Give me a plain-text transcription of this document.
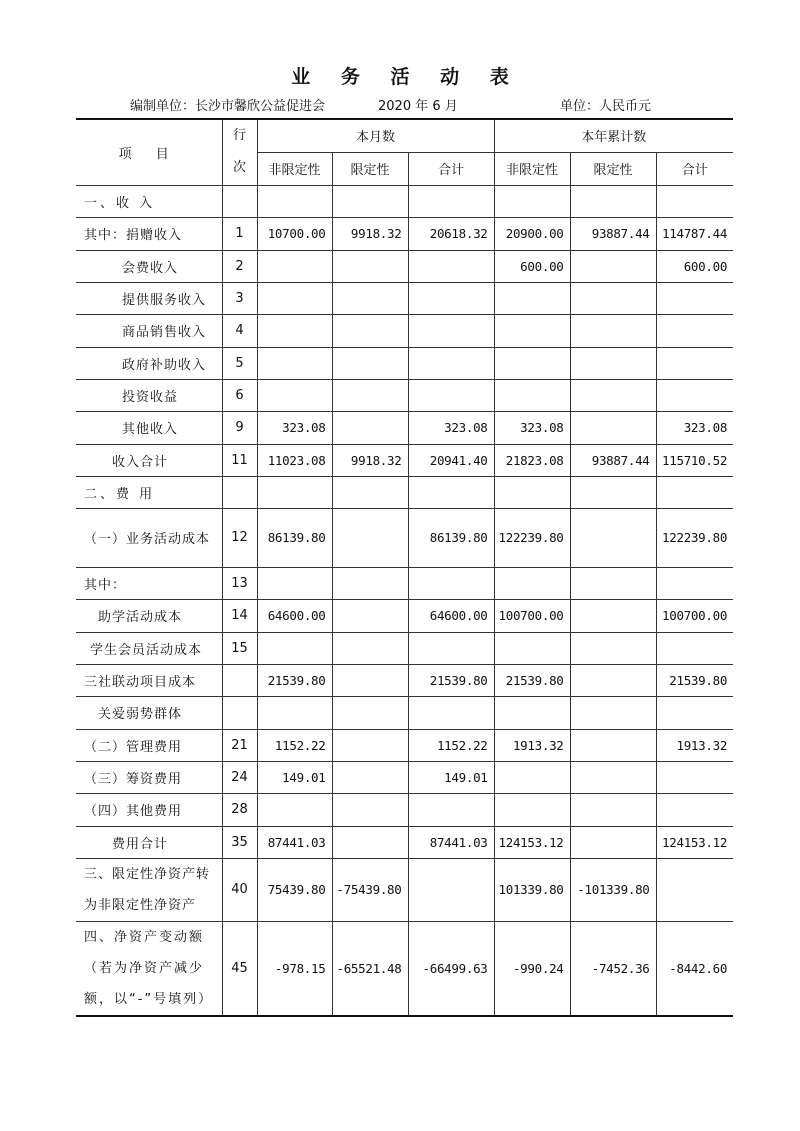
业 务 活 动 表
编制单位：长沙市馨欣公益促进会	2020 年 6 月	单位：人民币元
项 目	行次	本月数			本年累计数		
		非限定性	限定性	合计	非限定性	限定性	合计
一、收 入							
其中：捐赠收入	1	10700.00	9918.32	20618.32	20900.00	93887.44	114787.44
会费收入	2				600.00		600.00
提供服务收入	3						
商品销售收入	4						
政府补助收入	5						
投资收益	6						
其他收入	9	323.08		323.08	323.08		323.08
收入合计	11	11023.08	9918.32	20941.40	21823.08	93887.44	115710.52
二、费 用							
（一）业务活动成本	12	86139.80		86139.80	122239.80		122239.80
其中：	13						
助学活动成本	14	64600.00		64600.00	100700.00		100700.00
学生会员活动成本	15						
三社联动项目成本		21539.80		21539.80	21539.80		21539.80
关爱弱势群体							
（二）管理费用	21	1152.22		1152.22	1913.32		1913.32
（三）筹资费用	24	149.01		149.01			
（四）其他费用	28						
费用合计	35	87441.03		87441.03	124153.12		124153.12
三、限定性净资产转为非限定性净资产	40	75439.80	-75439.80		101339.80	-101339.80	
四、净资产变动额（若为净资产减少额，以“-”号填列）	45	-978.15	-65521.48	-66499.63	-990.24	-7452.36	-8442.60
